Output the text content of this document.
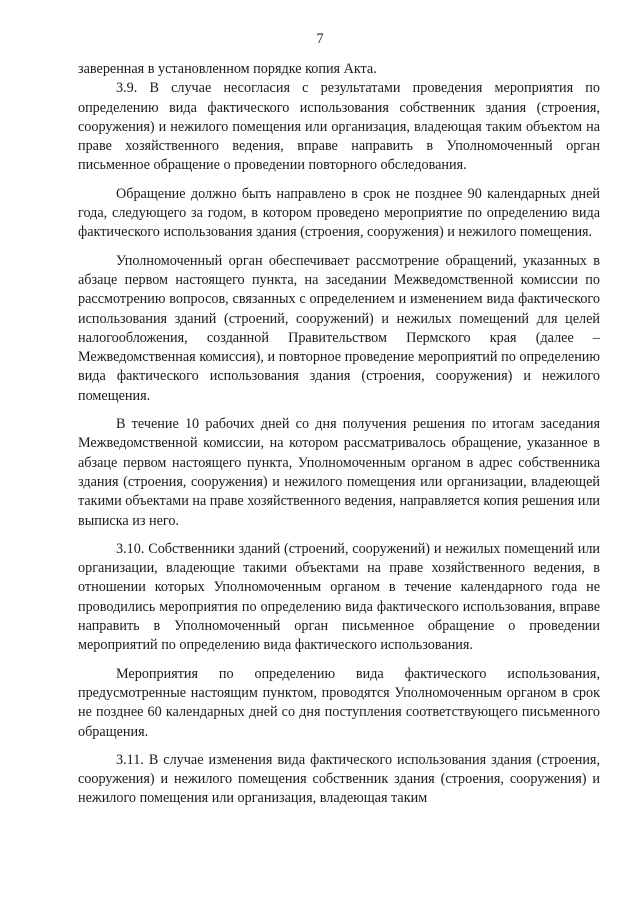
7

заверенная в установленном порядке копия Акта.

3.9. В случае несогласия с результатами проведения мероприятия по определению вида фактического использования собственник здания (строения, сооружения) и нежилого помещения или организация, владеющая таким объектом на праве хозяйственного ведения, вправе направить в Уполномоченный орган письменное обращение о проведении повторного обследования.

Обращение должно быть направлено в срок не позднее 90 календарных дней года, следующего за годом, в котором проведено мероприятие по определению вида фактического использования здания (строения, сооружения) и нежилого помещения.

Уполномоченный орган обеспечивает рассмотрение обращений, указанных в абзаце первом настоящего пункта, на заседании Межведомственной комиссии по рассмотрению вопросов, связанных с определением и изменением вида фактического использования зданий (строений, сооружений) и нежилых помещений для целей налогообложения, созданной Правительством Пермского края (далее – Межведомственная комиссия), и повторное проведение мероприятий по определению вида фактического использования здания (строения, сооружения) и нежилого помещения.

В течение 10 рабочих дней со дня получения решения по итогам заседания Межведомственной комиссии, на котором рассматривалось обращение, указанное в абзаце первом настоящего пункта, Уполномоченным органом в адрес собственника здания (строения, сооружения) и нежилого помещения или организации, владеющей такими объектами на праве хозяйственного ведения, направляется копия решения или выписка из него.

3.10. Собственники зданий (строений, сооружений) и нежилых помещений или организации, владеющие такими объектами на праве хозяйственного ведения, в отношении которых Уполномоченным органом в течение календарного года не проводились мероприятия по определению вида фактического использования, вправе направить в Уполномоченный орган письменное обращение о проведении мероприятий по определению вида фактического использования.

Мероприятия по определению вида фактического использования, предусмотренные настоящим пунктом, проводятся Уполномоченным органом в срок не позднее 60 календарных дней со дня поступления соответствующего письменного обращения.

3.11. В случае изменения вида фактического использования здания (строения, сооружения) и нежилого помещения собственник здания (строения, сооружения) и нежилого помещения или организация, владеющая таким
